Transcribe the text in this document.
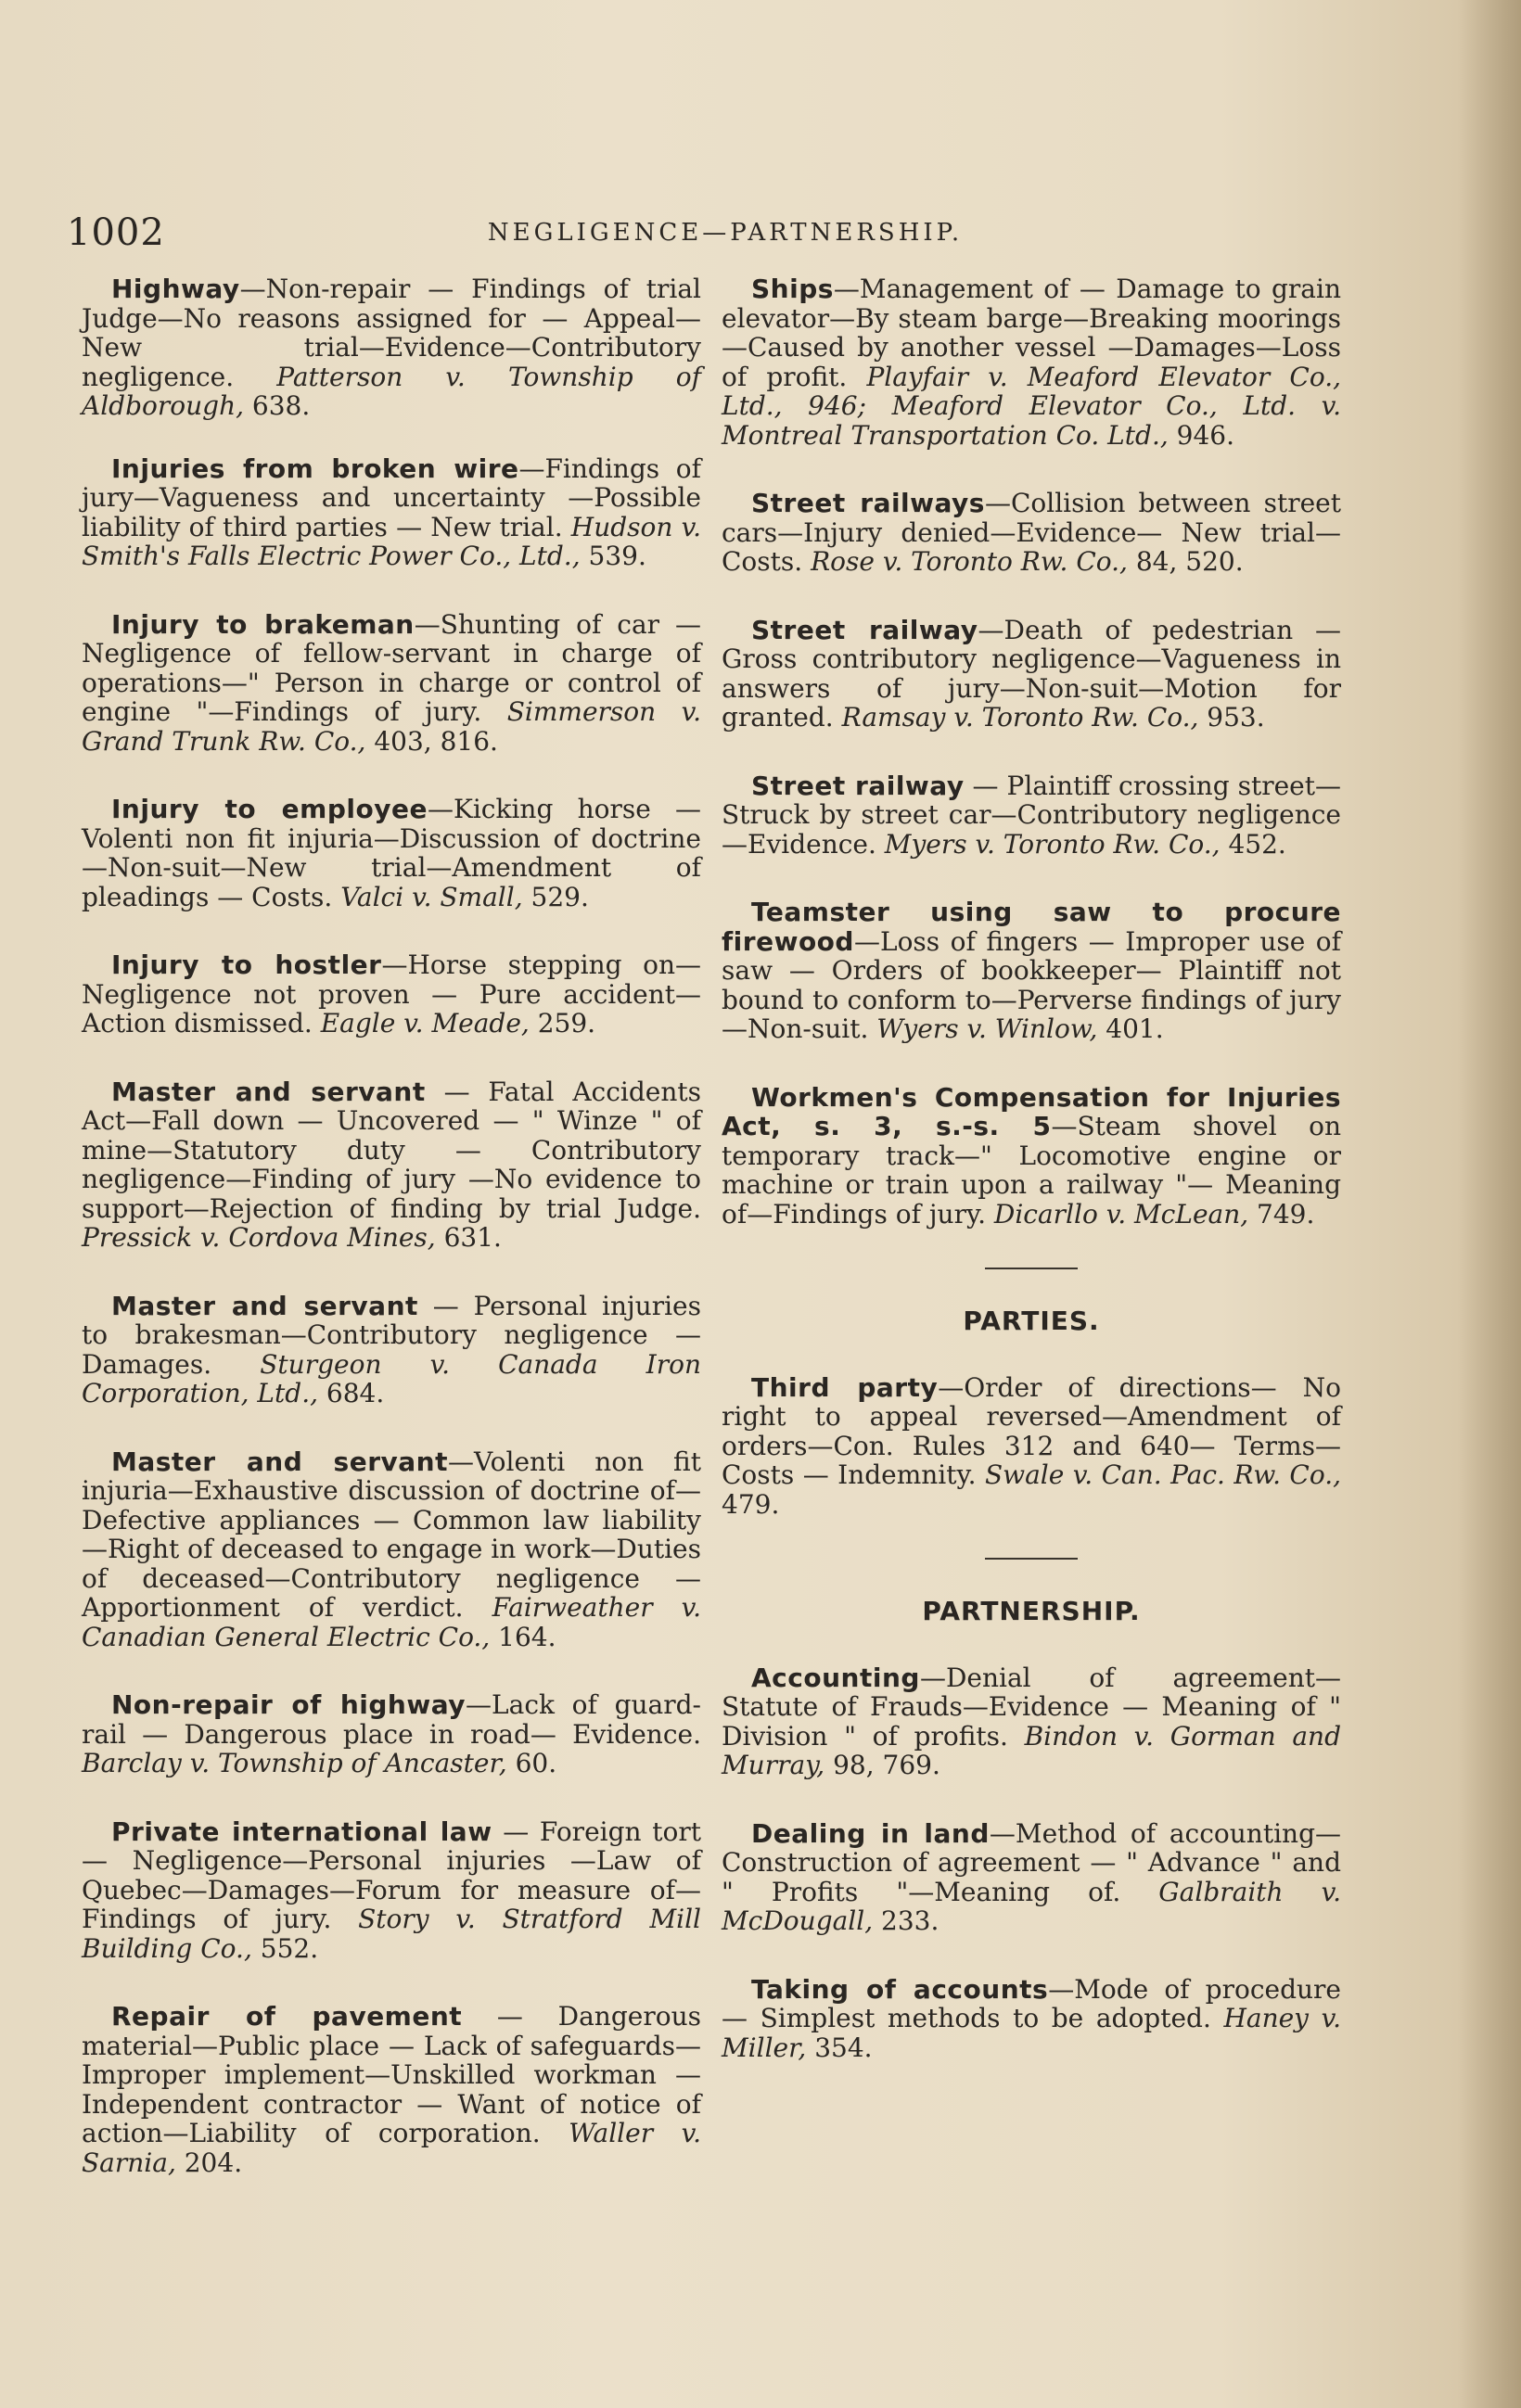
1002	NEGLIGENCE—PARTNERSHIP.

Highway—Non-repair — Findings of trial Judge—No reasons assigned for — Appeal—New trial—Evidence—Contributory negligence. Patterson v. Township of Aldborough, 638.

Injuries from broken wire—Findings of jury—Vagueness and uncertainty —Possible liability of third parties — New trial. Hudson v. Smith's Falls Electric Power Co., Ltd., 539.

Injury to brakeman—Shunting of car — Negligence of fellow-servant in charge of operations—" Person in charge or control of engine "—Findings of jury. Simmerson v. Grand Trunk Rw. Co., 403, 816.

Injury to employee—Kicking horse —Volenti non fit injuria—Discussion of doctrine—Non-suit—New trial—Amendment of pleadings — Costs. Valci v. Small, 529.

Injury to hostler—Horse stepping on—Negligence not proven — Pure accident—Action dismissed. Eagle v. Meade, 259.

Master and servant — Fatal Accidents Act—Fall down — Uncovered — " Winze " of mine—Statutory duty — Contributory negligence—Finding of jury —No evidence to support—Rejection of finding by trial Judge. Pressick v. Cordova Mines, 631.

Master and servant — Personal injuries to brakesman—Contributory negligence — Damages. Sturgeon v. Canada Iron Corporation, Ltd., 684.

Master and servant—Volenti non fit injuria—Exhaustive discussion of doctrine of—Defective appliances — Common law liability—Right of deceased to engage in work—Duties of deceased—Contributory negligence — Apportionment of verdict. Fairweather v. Canadian General Electric Co., 164.

Non-repair of highway—Lack of guard-rail — Dangerous place in road— Evidence. Barclay v. Township of Ancaster, 60.

Private international law — Foreign tort — Negligence—Personal injuries —Law of Quebec—Damages—Forum for measure of—Findings of jury. Story v. Stratford Mill Building Co., 552.

Repair of pavement — Dangerous material—Public place — Lack of safeguards—Improper implement—Unskilled workman — Independent contractor — Want of notice of action—Liability of corporation. Waller v. Sarnia, 204.

Ships—Management of — Damage to grain elevator—By steam barge—Breaking moorings—Caused by another vessel —Damages—Loss of profit. Playfair v. Meaford Elevator Co., Ltd., 946; Meaford Elevator Co., Ltd. v. Montreal Transportation Co. Ltd., 946.

Street railways—Collision between street cars—Injury denied—Evidence— New trial—Costs. Rose v. Toronto Rw. Co., 84, 520.

Street railway—Death of pedestrian —Gross contributory negligence—Vagueness in answers of jury—Non-suit—Motion for granted. Ramsay v. Toronto Rw. Co., 953.

Street railway — Plaintiff crossing street—Struck by street car—Contributory negligence—Evidence. Myers v. Toronto Rw. Co., 452.

Teamster using saw to procure firewood—Loss of fingers — Improper use of saw — Orders of bookkeeper— Plaintiff not bound to conform to—Perverse findings of jury—Non-suit. Wyers v. Winlow, 401.

Workmen's Compensation for Injuries Act, s. 3, s.-s. 5—Steam shovel on temporary track—" Locomotive engine or machine or train upon a railway "— Meaning of—Findings of jury. Dicarllo v. McLean, 749.

PARTIES.

Third party—Order of directions— No right to appeal reversed—Amendment of orders—Con. Rules 312 and 640— Terms—Costs — Indemnity. Swale v. Can. Pac. Rw. Co., 479.

PARTNERSHIP.

Accounting—Denial of agreement— Statute of Frauds—Evidence — Meaning of " Division " of profits. Bindon v. Gorman and Murray, 98, 769.

Dealing in land—Method of accounting—Construction of agreement — " Advance " and " Profits "—Meaning of. Galbraith v. McDougall, 233.

Taking of accounts—Mode of procedure — Simplest methods to be adopted. Haney v. Miller, 354.
